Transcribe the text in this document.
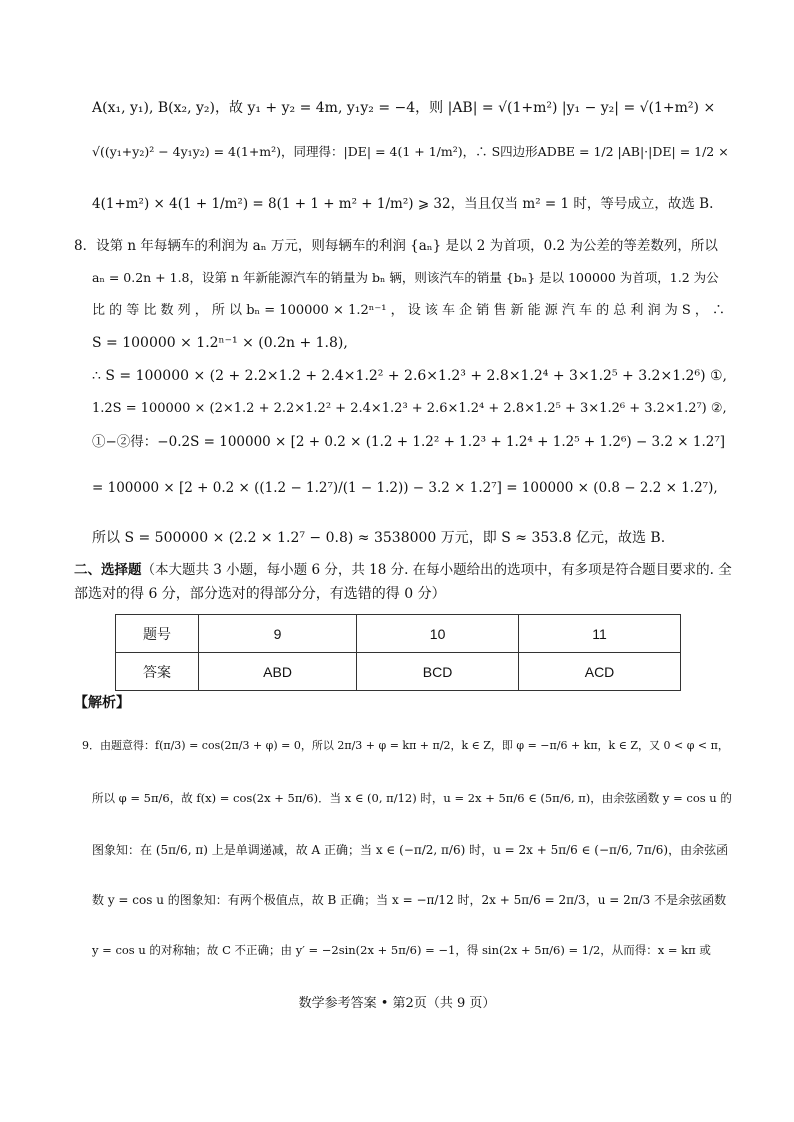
A(x₁, y₁), B(x₂, y₂)，故 y₁ + y₂ = 4m, y₁y₂ = −4，则 |AB| = √(1+m²) |y₁ − y₂| = √(1+m²) ×
√((y₁+y₂)² − 4y₁y₂) = 4(1+m²)，同理得：|DE| = 4(1 + 1/m²)，∴ S四边形ADBE = 1/2 |AB|·|DE| = 1/2 ×
4(1+m²) × 4(1 + 1/m²) = 8(1 + 1 + m² + 1/m²) ⩾ 32，当且仅当 m² = 1 时，等号成立，故选 B.
8．设第 n 年每辆车的利润为 aₙ 万元，则每辆车的利润 {aₙ} 是以 2 为首项，0.2 为公差的等差数列，所以
aₙ = 0.2n + 1.8，设第 n 年新能源汽车的销量为 bₙ 辆，则该汽车的销量 {bₙ} 是以 100000 为首项，1.2 为公
比 的 等 比 数 列 ， 所 以 bₙ = 100000 × 1.2ⁿ⁻¹ ， 设 该 车 企 销 售 新 能 源 汽 车 的 总 利 润 为 S ， ∴
S = 100000 × 1.2ⁿ⁻¹ × (0.2n + 1.8),
∴ S = 100000 × (2 + 2.2×1.2 + 2.4×1.2² + 2.6×1.2³ + 2.8×1.2⁴ + 3×1.2⁵ + 3.2×1.2⁶) ①,
1.2S = 100000 × (2×1.2 + 2.2×1.2² + 2.4×1.2³ + 2.6×1.2⁴ + 2.8×1.2⁵ + 3×1.2⁶ + 3.2×1.2⁷) ②,
①−②得：−0.2S = 100000 × [2 + 0.2 × (1.2 + 1.2² + 1.2³ + 1.2⁴ + 1.2⁵ + 1.2⁶) − 3.2 × 1.2⁷]
= 100000 × [2 + 0.2 × ((1.2 − 1.2⁷)/(1 − 1.2)) − 3.2 × 1.2⁷] = 100000 × (0.8 − 2.2 × 1.2⁷),
所以 S = 500000 × (2.2 × 1.2⁷ − 0.8) ≈ 3538000 万元，即 S ≈ 353.8 亿元，故选 B.
二、选择题（本大题共 3 小题，每小题 6 分，共 18 分. 在每小题给出的选项中，有多项是符合题目要求的. 全
部选对的得 6 分，部分选对的得部分分，有选错的得 0 分）
题号	9	10	11
答案	ABD	BCD	ACD
【解析】
9．由题意得：f(π/3) = cos(2π/3 + φ) = 0，所以 2π/3 + φ = kπ + π/2，k ∈ Z，即 φ = −π/6 + kπ，k ∈ Z，又 0 < φ < π，
所以 φ = 5π/6，故 f(x) = cos(2x + 5π/6)．当 x ∈ (0, π/12) 时，u = 2x + 5π/6 ∈ (5π/6, π)，由余弦函数 y = cos u 的
图象知：在 (5π/6, π) 上是单调递减，故 A 正确；当 x ∈ (−π/2, π/6) 时，u = 2x + 5π/6 ∈ (−π/6, 7π/6)，由余弦函
数 y = cos u 的图象知：有两个极值点，故 B 正确；当 x = −π/12 时，2x + 5π/6 = 2π/3，u = 2π/3 不是余弦函数
y = cos u 的对称轴；故 C 不正确；由 y′ = −2sin(2x + 5π/6) = −1，得 sin(2x + 5π/6) = 1/2，从而得：x = kπ 或
数学参考答案 • 第2页（共 9 页）
